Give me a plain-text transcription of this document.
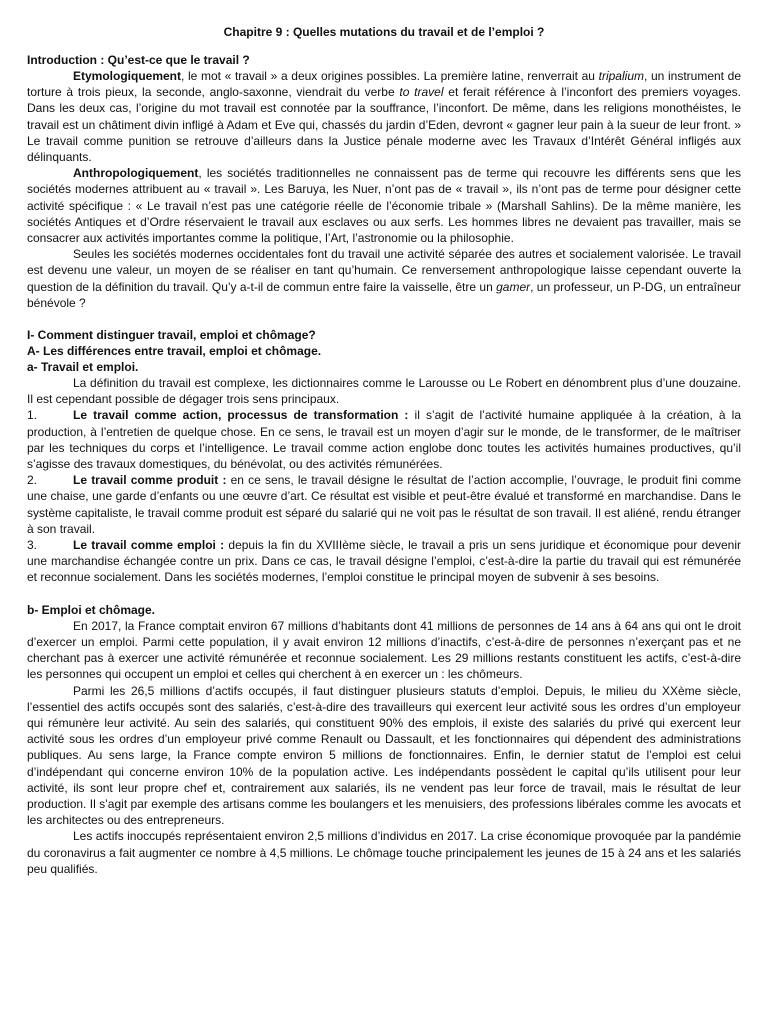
Chapitre 9 : Quelles mutations du travail et de l’emploi ?

Introduction : Qu’est-ce que le travail ?

Etymologiquement, le mot « travail » a deux origines possibles. La première latine, renverrait au tripalium, un instrument de torture à trois pieux, la seconde, anglo-saxonne, viendrait du verbe to travel et ferait référence à l’inconfort des premiers voyages. Dans les deux cas, l’origine du mot travail est connotée par la souffrance, l’inconfort. De même, dans les religions monothéistes, le travail est un châtiment divin infligé à Adam et Eve qui, chassés du jardin d’Eden, devront « gagner leur pain à la sueur de leur front. » Le travail comme punition se retrouve d’ailleurs dans la Justice pénale moderne avec les Travaux d’Intérêt Général infligés aux délinquants.

Anthropologiquement, les sociétés traditionnelles ne connaissent pas de terme qui recouvre les différents sens que les sociétés modernes attribuent au « travail ». Les Baruya, les Nuer, n’ont pas de « travail », ils n’ont pas de terme pour désigner cette activité spécifique : « Le travail n’est pas une catégorie réelle de l’économie tribale » (Marshall Sahlins). De la même manière, les sociétés Antiques et d’Ordre réservaient le travail aux esclaves ou aux serfs. Les hommes libres ne devaient pas travailler, mais se consacrer aux activités importantes comme la politique, l’Art, l’astronomie ou la philosophie.

Seules les sociétés modernes occidentales font du travail une activité séparée des autres et socialement valorisée. Le travail est devenu une valeur, un moyen de se réaliser en tant qu’humain. Ce renversement anthropologique laisse cependant ouverte la question de la définition du travail. Qu’y a-t-il de commun entre faire la vaisselle, être un gamer, un professeur, un P-DG, un entraîneur bénévole ?

I- Comment distinguer travail, emploi et chômage?

A- Les différences entre travail, emploi et chômage.

a- Travail et emploi.

La définition du travail est complexe, les dictionnaires comme le Larousse ou Le Robert en dénombrent plus d’une douzaine. Il est cependant possible de dégager trois sens principaux.

1.	Le travail comme action, processus de transformation : il s’agit de l’activité humaine appliquée à la création, à la production, à l’entretien de quelque chose. En ce sens, le travail est un moyen d’agir sur le monde, de le transformer, de le maîtriser par les techniques du corps et l’intelligence. Le travail comme action englobe donc toutes les activités humaines productives, qu’il s’agisse des travaux domestiques, du bénévolat, ou des activités rémunérées.

2.	Le travail comme produit : en ce sens, le travail désigne le résultat de l’action accomplie, l’ouvrage, le produit fini comme une chaise, une garde d’enfants ou une œuvre d’art. Ce résultat est visible et peut-être évalué et transformé en marchandise. Dans le système capitaliste, le travail comme produit est séparé du salarié qui ne voit pas le résultat de son travail. Il est aliéné, rendu étranger à son travail.

3.	Le travail comme emploi : depuis la fin du XVIIIème siècle, le travail a pris un sens juridique et économique pour devenir une marchandise échangée contre un prix. Dans ce cas, le travail désigne l’emploi, c’est-à-dire la partie du travail qui est rémunérée et reconnue socialement. Dans les sociétés modernes, l’emploi constitue le principal moyen de subvenir à ses besoins.

b- Emploi et chômage.

En 2017, la France comptait environ 67 millions d’habitants dont 41 millions de personnes de 14 ans à 64 ans qui ont le droit d’exercer un emploi. Parmi cette population, il y avait environ 12 millions d’inactifs, c’est-à-dire de personnes n’exerçant pas et ne cherchant pas à exercer une activité rémunérée et reconnue socialement. Les 29 millions restants constituent les actifs, c’est-à-dire les personnes qui occupent un emploi et celles qui cherchent à en exercer un : les chômeurs.

Parmi les 26,5 millions d’actifs occupés, il faut distinguer plusieurs statuts d’emploi. Depuis, le milieu du XXème siècle, l’essentiel des actifs occupés sont des salariés, c’est-à-dire des travailleurs qui exercent leur activité sous les ordres d’un employeur qui rémunère leur activité. Au sein des salariés, qui constituent 90% des emplois, il existe des salariés du privé qui exercent leur activité sous les ordres d’un employeur privé comme Renault ou Dassault, et les fonctionnaires qui dépendent des administrations publiques. Au sens large, la France compte environ 5 millions de fonctionnaires. Enfin, le dernier statut de l’emploi est celui d’indépendant qui concerne environ 10% de la population active. Les indépendants possèdent le capital qu’ils utilisent pour leur activité, ils sont leur propre chef et, contrairement aux salariés, ils ne vendent pas leur force de travail, mais le résultat de leur production. Il s’agit par exemple des artisans comme les boulangers et les menuisiers, des professions libérales comme les avocats et les architectes ou des entrepreneurs.

Les actifs inoccupés représentaient environ 2,5 millions d’individus en 2017. La crise économique provoquée par la pandémie du coronavirus a fait augmenter ce nombre à 4,5 millions. Le chômage touche principalement les jeunes de 15 à 24 ans et les salariés peu qualifiés.
